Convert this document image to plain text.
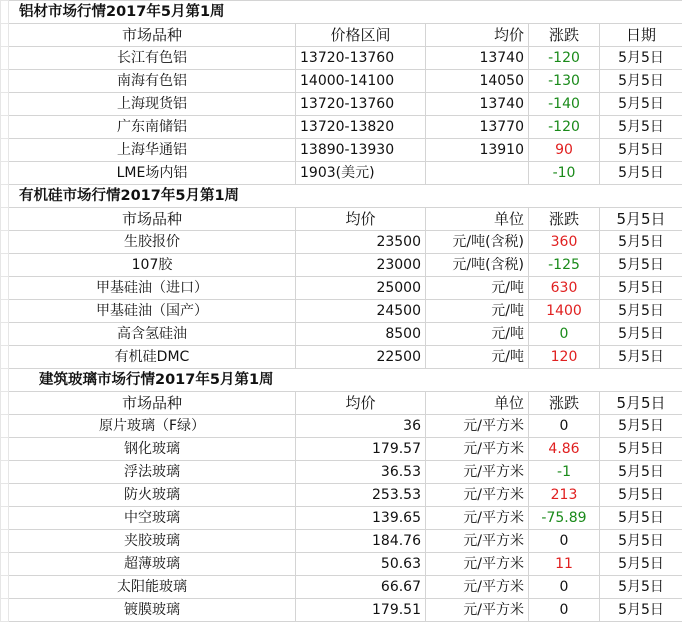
	铝材市场行情2017年5月第1周				
	市场品种	价格区间	均价	涨跌	日期
	长江有色铝	13720-13760	13740	-120	5月5日
	南海有色铝	14000-14100	14050	-130	5月5日
	上海现货铝	13720-13760	13740	-140	5月5日
	广东南储铝	13720-13820	13770	-120	5月5日
	上海华通铝	13890-13930	13910	90	5月5日
	LME场内铝	1903(美元)		-10	5月5日
	有机硅市场行情2017年5月第1周				
	市场品种	均价	单位	涨跌	5月5日
	生胶报价	23500	元/吨(含税)	360	5月5日
	107胶	23000	元/吨(含税)	-125	5月5日
	甲基硅油（进口）	25000	元/吨	630	5月5日
	甲基硅油（国产）	24500	元/吨	1400	5月5日
	高含氢硅油	8500	元/吨	0	5月5日
	有机硅DMC	22500	元/吨	120	5月5日
	建筑玻璃市场行情2017年5月第1周				
	市场品种	均价	单位	涨跌	5月5日
	原片玻璃（F绿）	36	元/平方米	0	5月5日
	钢化玻璃	179.57	元/平方米	4.86	5月5日
	浮法玻璃	36.53	元/平方米	-1	5月5日
	防火玻璃	253.53	元/平方米	213	5月5日
	中空玻璃	139.65	元/平方米	-75.89	5月5日
	夹胶玻璃	184.76	元/平方米	0	5月5日
	超薄玻璃	50.63	元/平方米	11	5月5日
	太阳能玻璃	66.67	元/平方米	0	5月5日
	镀膜玻璃	179.51	元/平方米	0	5月5日
